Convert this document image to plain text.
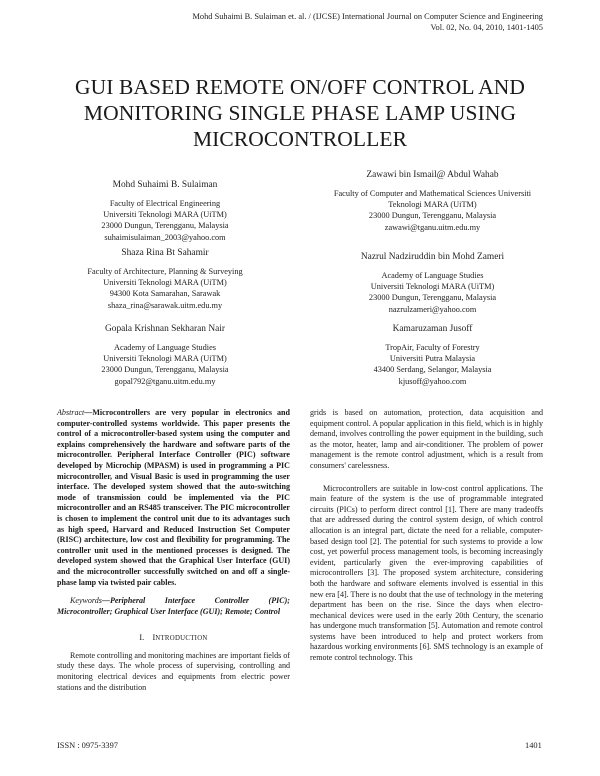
Mohd Suhaimi B. Sulaiman et. al. / (IJCSE) International Journal on Computer Science and Engineering
Vol. 02, No. 04, 2010, 1401-1405
GUI BASED REMOTE ON/OFF CONTROL AND
MONITORING SINGLE PHASE LAMP USING
MICROCONTROLLER
Mohd Suhaimi B. Sulaiman
Faculty of Electrical Engineering
Universiti Teknologi MARA (UiTM)
23000 Dungun, Terengganu, Malaysia
suhaimisulaiman_2003@yahoo.com
Zawawi bin Ismail@ Abdul Wahab
Faculty of Computer and Mathematical Sciences Universiti
Teknologi MARA (UiTM)
23000 Dungun, Terengganu, Malaysia
zawawi@tganu.uitm.edu.my
Shaza Rina Bt Sahamir
Faculty of Architecture, Planning & Surveying
Universiti Teknologi MARA (UiTM)
94300 Kota Samarahan, Sarawak
shaza_rina@sarawak.uitm.edu.my
Nazrul Nadziruddin bin Mohd Zameri
Academy of Language Studies
Universiti Teknologi MARA (UiTM)
23000 Dungun, Terengganu, Malaysia
nazrulzameri@yahoo.com
Gopala Krishnan Sekharan Nair
Academy of Language Studies
Universiti Teknologi MARA (UiTM)
23000 Dungun, Terengganu, Malaysia
gopal792@tganu.uitm.edu.my
Kamaruzaman Jusoff
TropAir, Faculty of Forestry
Universiti Putra Malaysia
43400 Serdang, Selangor, Malaysia
kjusoff@yahoo.com

Abstract—Microcontrollers are very popular in electronics and computer-controlled systems worldwide. This paper presents the control of a microcontroller-based system using the computer and explains comprehensively the hardware and software parts of the microcontroller. Peripheral Interface Controller (PIC) software developed by Microchip (MPASM) is used in programming a PIC microcontroller, and Visual Basic is used in programming the user interface. The developed system showed that the auto-switching mode of transmission could be implemented via the PIC microcontroller and an RS485 transceiver. The PIC microcontroller is chosen to implement the control unit due to its advantages such as high speed, Harvard and Reduced Instruction Set Computer (RISC) architecture, low cost and flexibility for programming. The controller unit used in the mentioned processes is designed. The developed system showed that the Graphical User Interface (GUI) and the microcontroller successfully switched on and off a single-phase lamp via twisted pair cables.

Keywords—Peripheral Interface Controller (PIC); Microcontroller; Graphical User Interface (GUI); Remote; Control

I. INTRODUCTION

Remote controlling and monitoring machines are important fields of study these days. The whole process of supervising, controlling and monitoring electrical devices and equipments from electric power stations and the distribution

grids is based on automation, protection, data acquisition and equipment control. A popular application in this field, which is in highly demand, involves controlling the power equipment in the building, such as the motor, heater, lamp and air-conditioner. The problem of power management is the remote control adjustment, which is a result from consumers' carelessness.

Microcontrollers are suitable in low-cost control applications. The main feature of the system is the use of programmable integrated circuits (PICs) to perform direct control [1]. There are many tradeoffs that are addressed during the control system design, of which control allocation is an integral part, dictate the need for a reliable, computer-based design tool [2]. The potential for such systems to provide a low cost, yet powerful process management tools, is becoming increasingly evident, particularly given the ever-improving capabilities of microcontrollers [3]. The proposed system architecture, considering both the hardware and software elements involved is essential in this new era [4]. There is no doubt that the use of technology in the metering department has been on the rise. Since the days when electro-mechanical devices were used in the early 20th Century, the scenario has undergone much transformation [5]. Automation and remote control systems have been introduced to help and protect workers from hazardous working environments [6]. SMS technology is an example of remote control technology. This

ISSN : 0975-3397	1401
